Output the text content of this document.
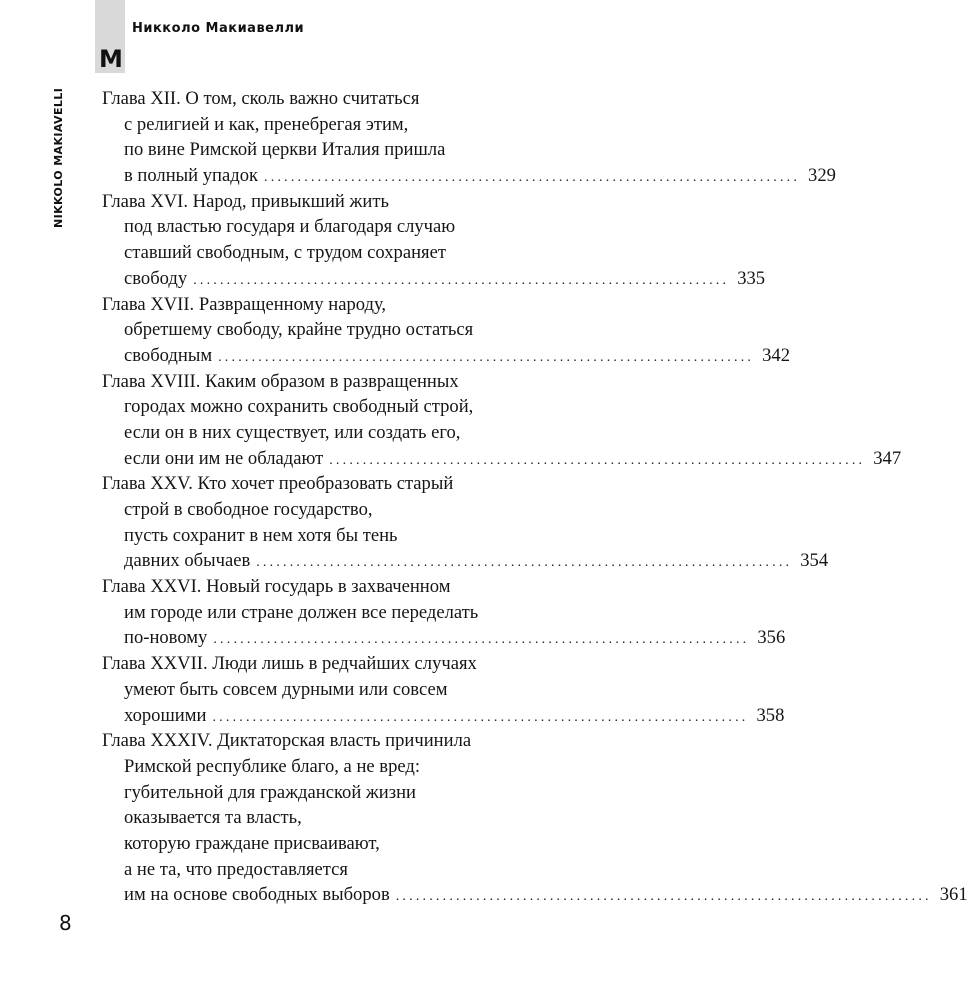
M
Никколо Макиавелли
NIKKOLO MAKIAVELLI Глава XII. О том, сколь важно считаться
с религией и как, пренебрегая этим,
по вине Римской церкви Италия пришла
в полный упадок ................................................................................ 329
Глава XVI. Народ, привыкший жить
под властью государя и благодаря случаю
ставший свободным, с трудом сохраняет
свободу ................................................................................ 335
Глава XVII. Развращенному народу,
обретшему свободу, крайне трудно остаться
свободным ................................................................................ 342
Глава XVIII. Каким образом в развращенных
городах можно сохранить свободный строй,
если он в них существует, или создать его,
если они им не обладают ................................................................................ 347
Глава XXV. Кто хочет преобразовать старый
строй в свободное государство,
пусть сохранит в нем хотя бы тень
давних обычаев ................................................................................ 354
Глава XXVI. Новый государь в захваченном
им городе или стране должен все переделать
по-новому ................................................................................ 356
Глава XXVII. Люди лишь в редчайших случаях
умеют быть совсем дурными или совсем
хорошими ................................................................................ 358
Глава XXXIV. Диктаторская власть причинила
Римской республике благо, а не вред:
губительной для гражданской жизни
оказывается та власть,
которую граждане присваивают,
а не та, что предоставляется
им на основе свободных выборов ................................................................................ 361
8
